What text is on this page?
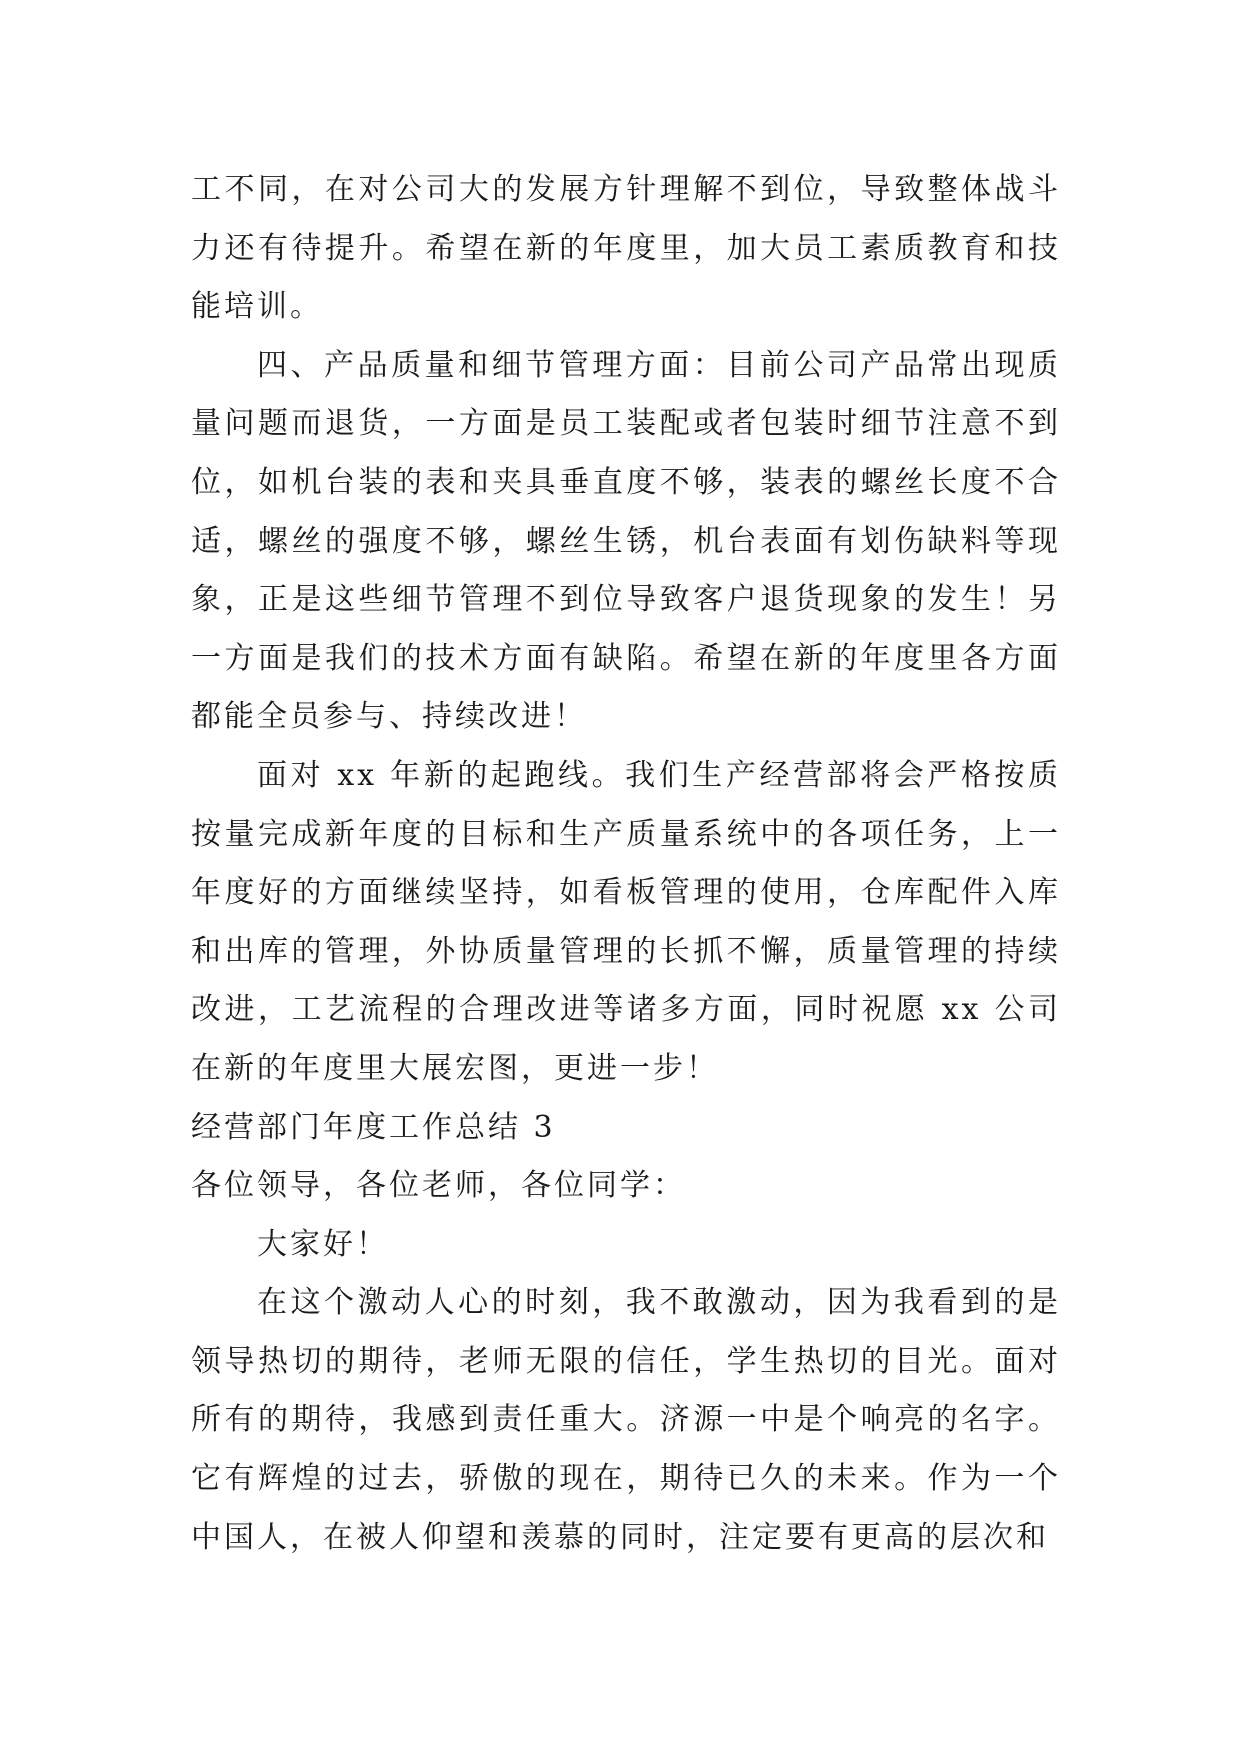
工不同，在对公司大的发展方针理解不到位，导致整体战斗力还有待提升。希望在新的年度里，加大员工素质教育和技能培训。

四、产品质量和细节管理方面：目前公司产品常出现质量问题而退货，一方面是员工装配或者包装时细节注意不到位，如机台装的表和夹具垂直度不够，装表的螺丝长度不合适，螺丝的强度不够，螺丝生锈，机台表面有划伤缺料等现象，正是这些细节管理不到位导致客户退货现象的发生！另一方面是我们的技术方面有缺陷。希望在新的年度里各方面都能全员参与、持续改进！

面对 xx 年新的起跑线。我们生产经营部将会严格按质按量完成新年度的目标和生产质量系统中的各项任务，上一年度好的方面继续坚持，如看板管理的使用，仓库配件入库和出库的管理，外协质量管理的长抓不懈，质量管理的持续改进，工艺流程的合理改进等诸多方面，同时祝愿 xx 公司在新的年度里大展宏图，更进一步！

经营部门年度工作总结 3

各位领导，各位老师，各位同学：

大家好！

在这个激动人心的时刻，我不敢激动，因为我看到的是领导热切的期待，老师无限的信任，学生热切的目光。面对所有的期待，我感到责任重大。济源一中是个响亮的名字。它有辉煌的过去，骄傲的现在，期待已久的未来。作为一个中国人，在被人仰望和羡慕的同时，注定要有更高的层次和
